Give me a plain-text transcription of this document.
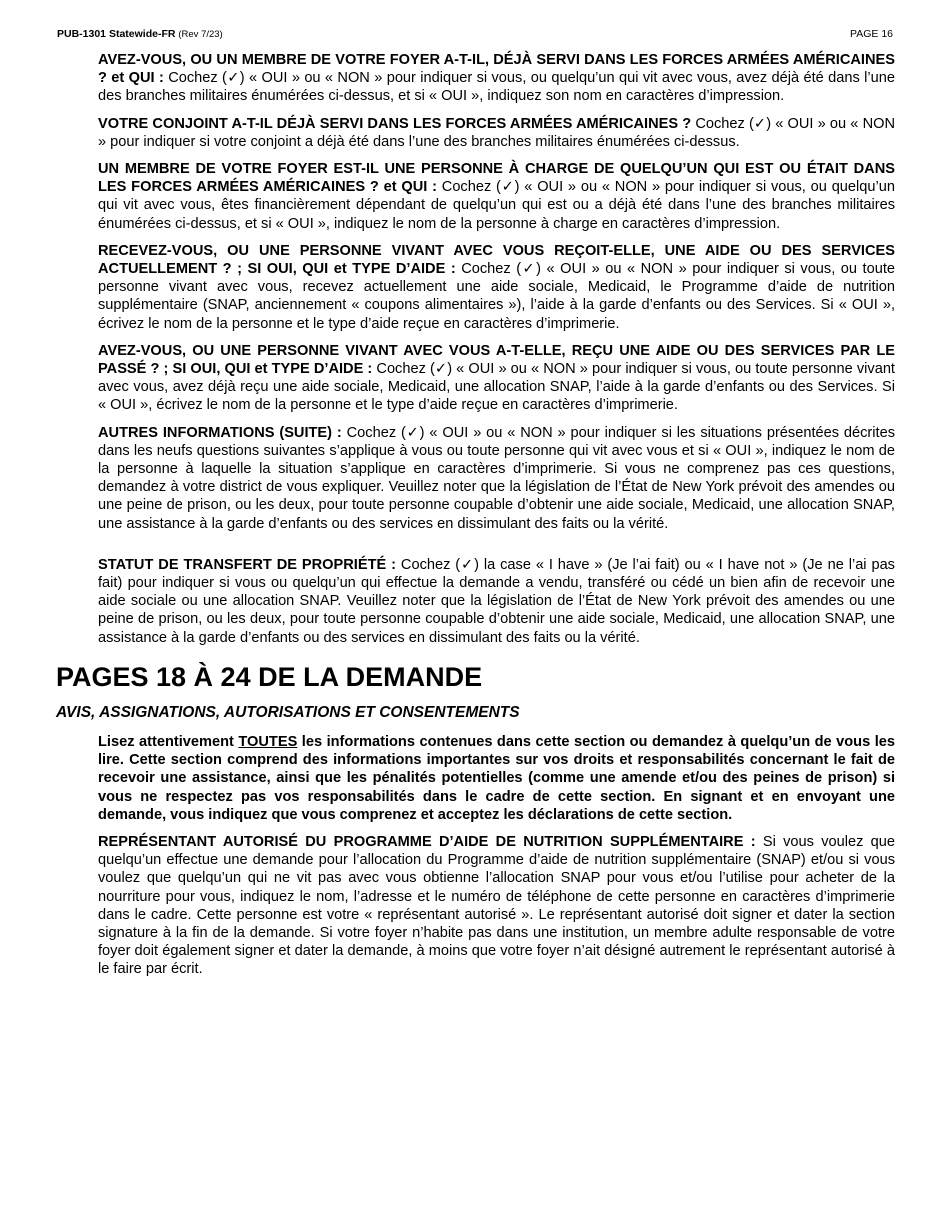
PUB-1301 Statewide-FR (Rev 7/23)	PAGE 16

AVEZ-VOUS, OU UN MEMBRE DE VOTRE FOYER A-T-IL, DÉJÀ SERVI DANS LES FORCES ARMÉES AMÉRICAINES ? et QUI : Cochez (✓) « OUI » ou « NON » pour indiquer si vous, ou quelqu’un qui vit avec vous, avez déjà été dans l’une des branches militaires énumérées ci-dessus, et si « OUI », indiquez son nom en caractères d’impression.

VOTRE CONJOINT A-T-IL DÉJÀ SERVI DANS LES FORCES ARMÉES AMÉRICAINES ? Cochez (✓) « OUI » ou « NON » pour indiquer si votre conjoint a déjà été dans l’une des branches militaires énumérées ci-dessus.

UN MEMBRE DE VOTRE FOYER EST-IL UNE PERSONNE À CHARGE DE QUELQU’UN QUI EST OU ÉTAIT DANS LES FORCES ARMÉES AMÉRICAINES ? et QUI : Cochez (✓) « OUI » ou « NON » pour indiquer si vous, ou quelqu’un qui vit avec vous, êtes financièrement dépendant de quelqu’un qui est ou a déjà été dans l’une des branches militaires énumérées ci-dessus, et si « OUI », indiquez le nom de la personne à charge en caractères d’impression.

RECEVEZ-VOUS, OU UNE PERSONNE VIVANT AVEC VOUS REÇOIT-ELLE, UNE AIDE OU DES SERVICES ACTUELLEMENT ? ; SI OUI, QUI et TYPE D’AIDE : Cochez (✓) « OUI » ou « NON » pour indiquer si vous, ou toute personne vivant avec vous, recevez actuellement une aide sociale, Medicaid, le Programme d’aide de nutrition supplémentaire (SNAP, anciennement « coupons alimentaires »), l’aide à la garde d’enfants ou des Services. Si « OUI », écrivez le nom de la personne et le type d’aide reçue en caractères d’imprimerie.

AVEZ-VOUS, OU UNE PERSONNE VIVANT AVEC VOUS A-T-ELLE, REÇU UNE AIDE OU DES SERVICES PAR LE PASSÉ ? ; SI OUI, QUI et TYPE D’AIDE : Cochez (✓) « OUI » ou « NON » pour indiquer si vous, ou toute personne vivant avec vous, avez déjà reçu une aide sociale, Medicaid, une allocation SNAP, l’aide à la garde d’enfants ou des Services. Si « OUI », écrivez le nom de la personne et le type d’aide reçue en caractères d’imprimerie.

AUTRES INFORMATIONS (SUITE) : Cochez (✓) « OUI » ou « NON » pour indiquer si les situations présentées décrites dans les neufs questions suivantes s’applique à vous ou toute personne qui vit avec vous et si « OUI », indiquez le nom de la personne à laquelle la situation s’applique en caractères d’imprimerie. Si vous ne comprenez pas ces questions, demandez à votre district de vous expliquer. Veuillez noter que la législation de l’État de New York prévoit des amendes ou une peine de prison, ou les deux, pour toute personne coupable d’obtenir une aide sociale, Medicaid, une allocation SNAP, une assistance à la garde d’enfants ou des services en dissimulant des faits ou la vérité.

STATUT DE TRANSFERT DE PROPRIÉTÉ : Cochez (✓) la case « I have » (Je l’ai fait) ou « I have not » (Je ne l’ai pas fait) pour indiquer si vous ou quelqu’un qui effectue la demande a vendu, transféré ou cédé un bien afin de recevoir une aide sociale ou une allocation SNAP. Veuillez noter que la législation de l’État de New York prévoit des amendes ou une peine de prison, ou les deux, pour toute personne coupable d’obtenir une aide sociale, Medicaid, une allocation SNAP, une assistance à la garde d’enfants ou des services en dissimulant des faits ou la vérité.

PAGES 18 À 24 DE LA DEMANDE
AVIS, ASSIGNATIONS, AUTORISATIONS ET CONSENTEMENTS

Lisez attentivement TOUTES les informations contenues dans cette section ou demandez à quelqu’un de vous les lire. Cette section comprend des informations importantes sur vos droits et responsabilités concernant le fait de recevoir une assistance, ainsi que les pénalités potentielles (comme une amende et/ou des peines de prison) si vous ne respectez pas vos responsabilités dans le cadre de cette section. En signant et en envoyant une demande, vous indiquez que vous comprenez et acceptez les déclarations de cette section.

REPRÉSENTANT AUTORISÉ DU PROGRAMME D’AIDE DE NUTRITION SUPPLÉMENTAIRE : Si vous voulez que quelqu’un effectue une demande pour l’allocation du Programme d’aide de nutrition supplémentaire (SNAP) et/ou si vous voulez que quelqu’un qui ne vit pas avec vous obtienne l’allocation SNAP pour vous et/ou l’utilise pour acheter de la nourriture pour vous, indiquez le nom, l’adresse et le numéro de téléphone de cette personne en caractères d’imprimerie dans le cadre. Cette personne est votre « représentant autorisé ». Le représentant autorisé doit signer et dater la section signature à la fin de la demande. Si votre foyer n’habite pas dans une institution, un membre adulte responsable de votre foyer doit également signer et dater la demande, à moins que votre foyer n’ait désigné autrement le représentant autorisé à le faire par écrit.
